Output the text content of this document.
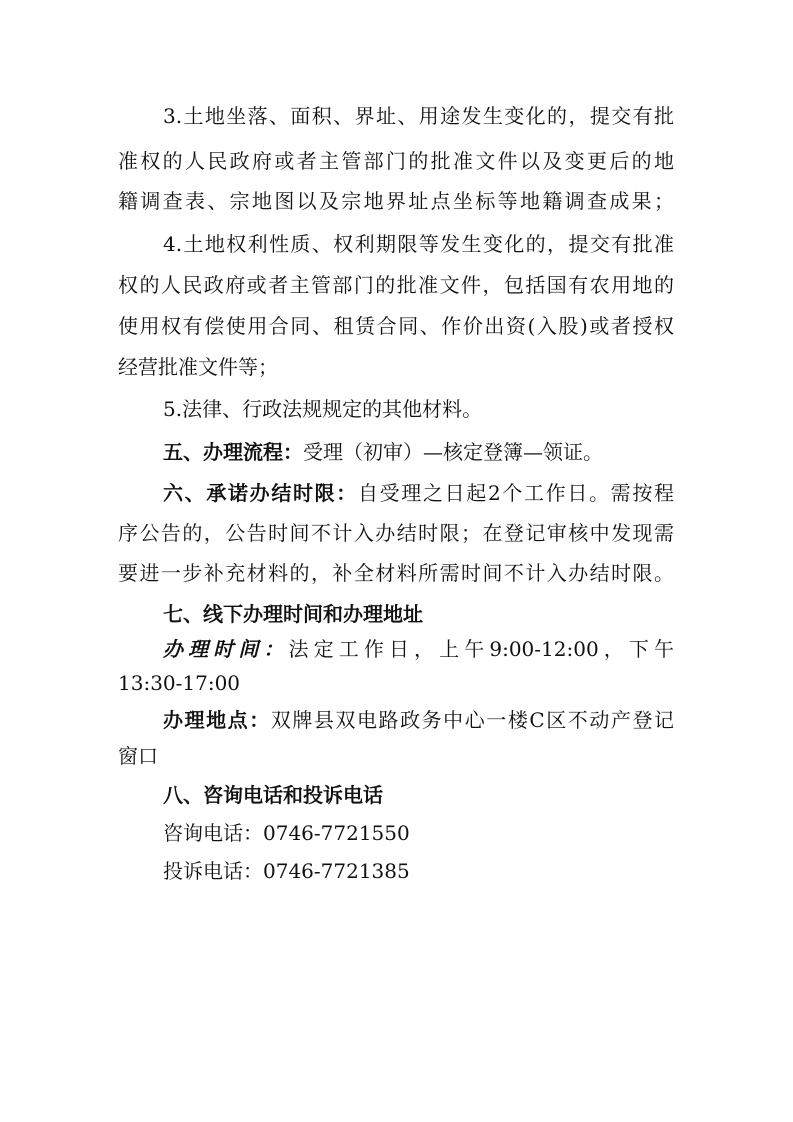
3.土地坐落、面积、界址、用途发生变化的，提交有批
准权的人民政府或者主管部门的批准文件以及变更后的地
籍调查表、宗地图以及宗地界址点坐标等地籍调查成果；
4.土地权利性质、权利期限等发生变化的，提交有批准
权的人民政府或者主管部门的批准文件，包括国有农用地的
使用权有偿使用合同、租赁合同、作价出资(入股)或者授权
经营批准文件等；
5.法律、行政法规规定的其他材料。
五、办理流程：受理（初审）—核定登簿—领证。
六、承诺办结时限：自受理之日起2个工作日。需按程
序公告的，公告时间不计入办结时限；在登记审核中发现需
要进一步补充材料的，补全材料所需时间不计入办结时限。
七、线下办理时间和办理地址
办理时间：法定工作日，上午9:00-12:00，下午
13:30-17:00
办理地点：双牌县双电路政务中心一楼C区不动产登记
窗口
八、咨询电话和投诉电话
咨询电话：0746-7721550
投诉电话：0746-7721385
